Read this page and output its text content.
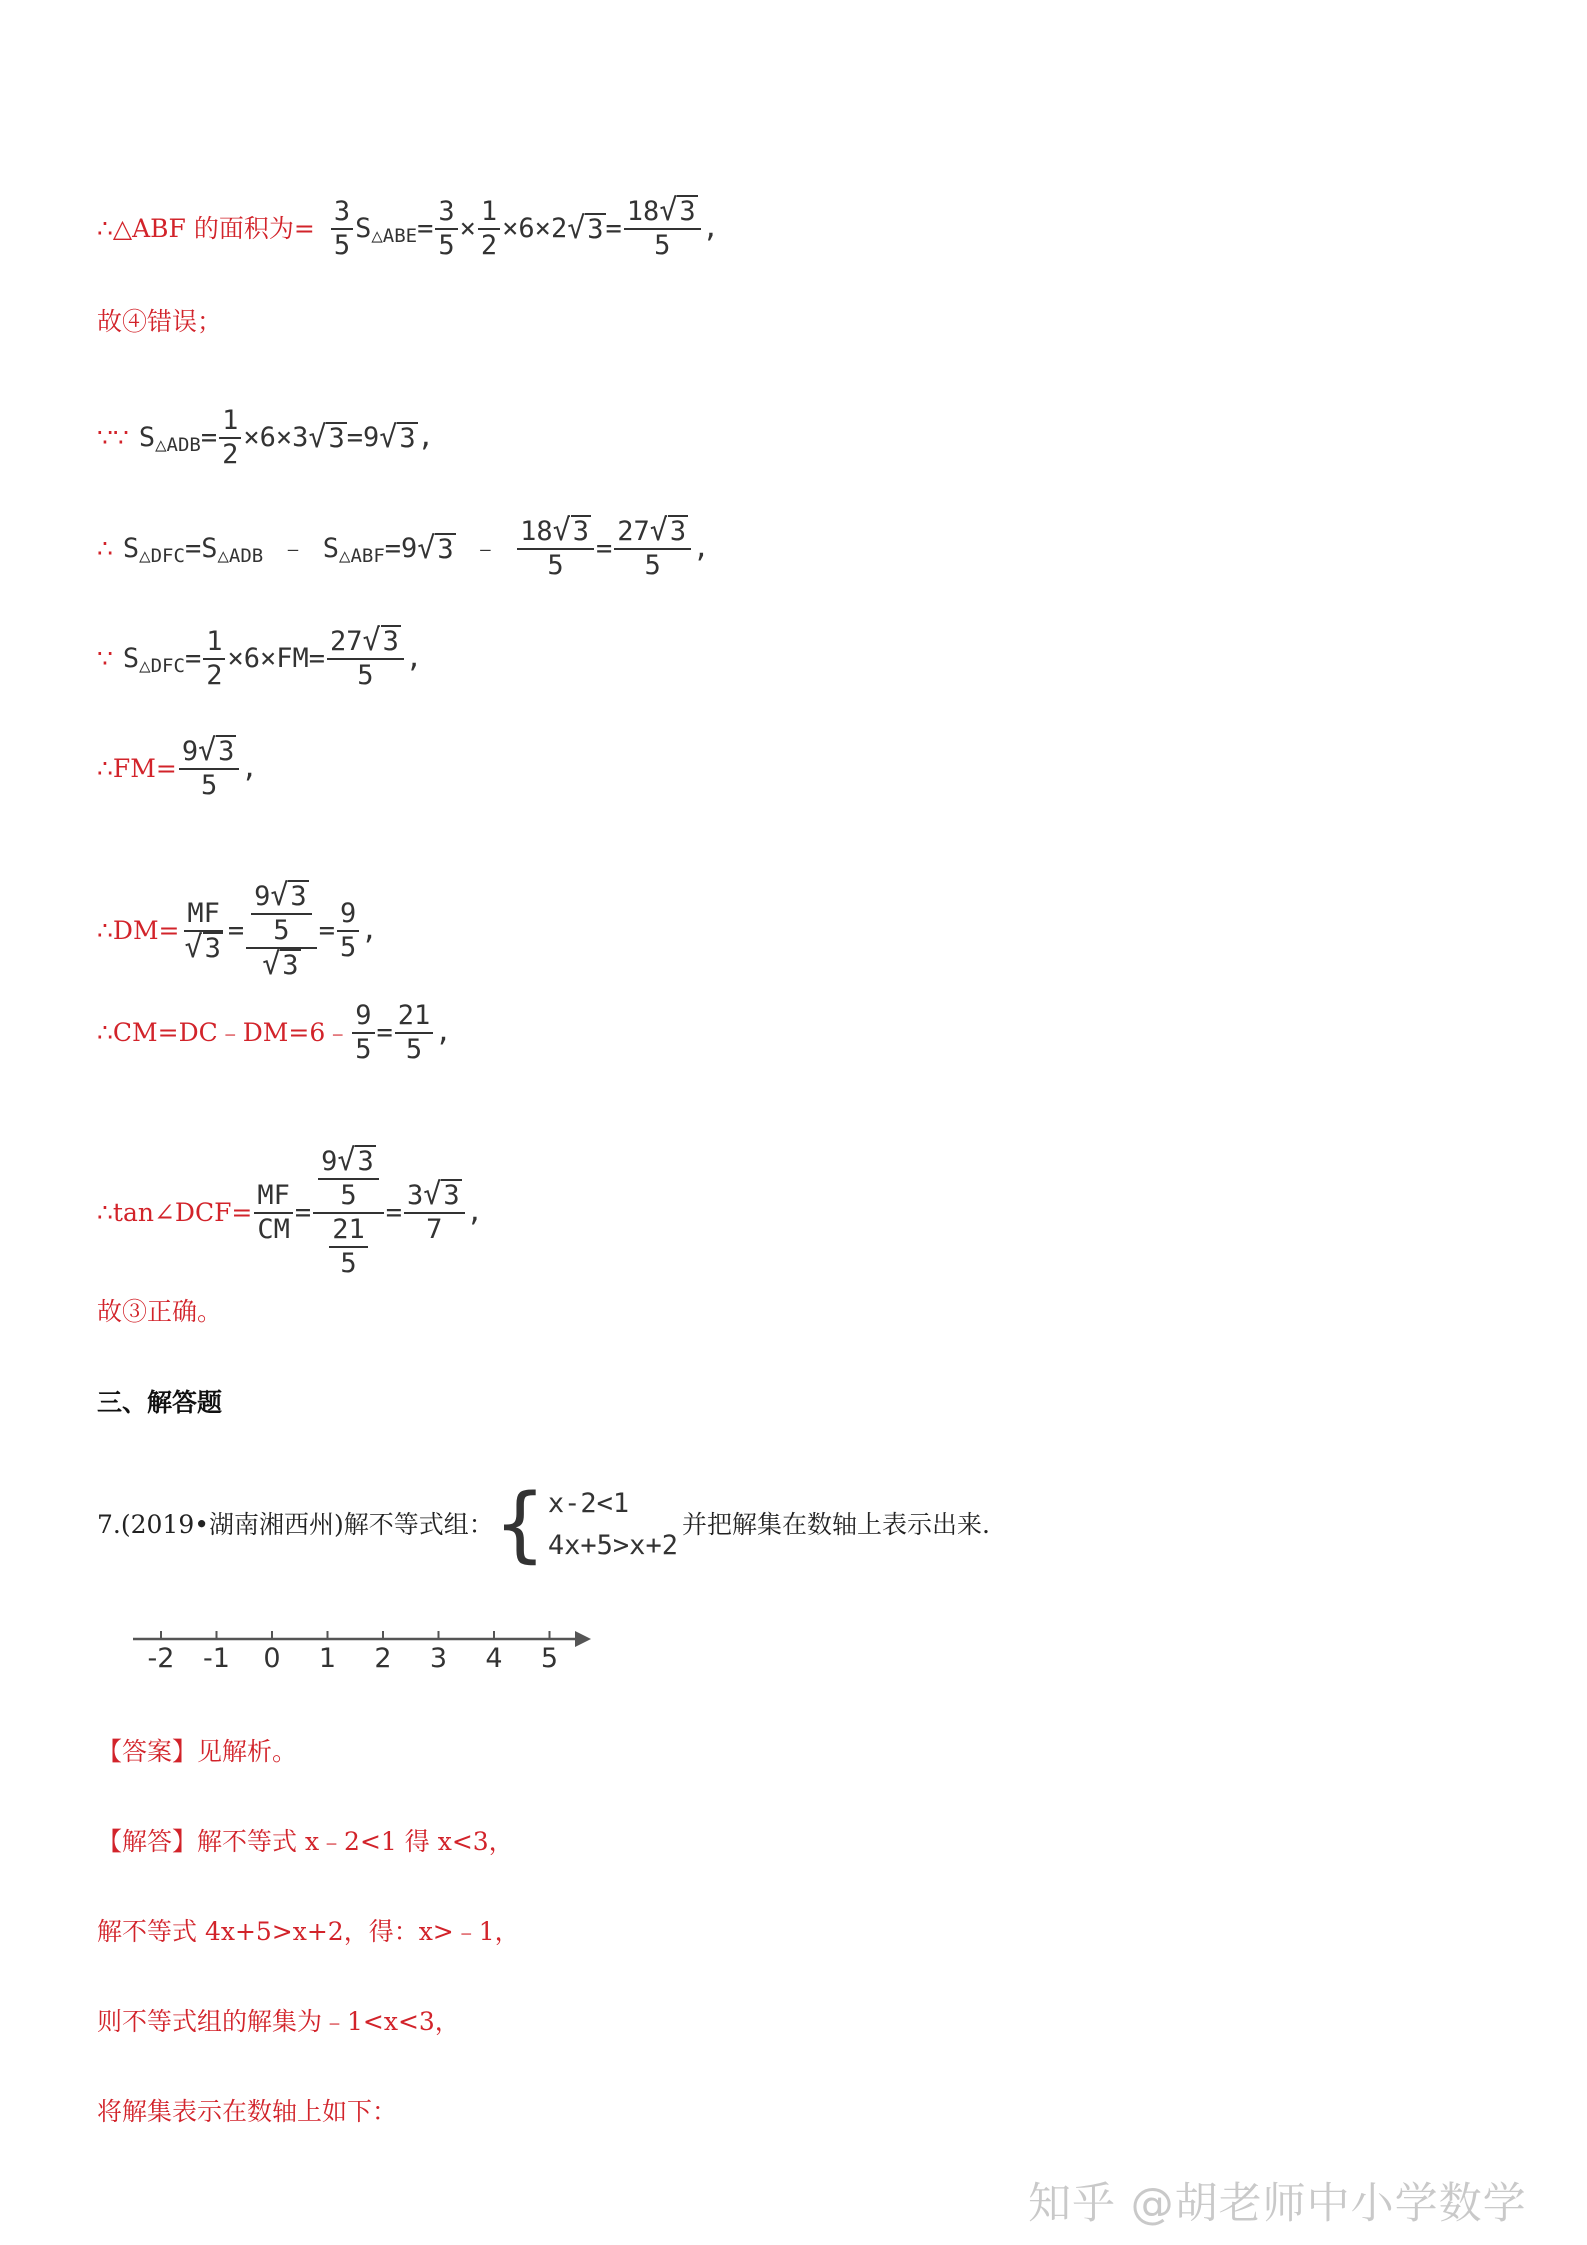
∴△ABF 的面积为=
3
5
S △ABE =
3
5
×
1
2
×6×2 √ 3 =
18 √ 3
5
,
故④错误；
∵∵ S △ADB =
1
2
×6×3 √ 3 =9 √ 3 ,
∴ S △DFC =S △ADB ﹣ S △ABF =9 √ 3 ﹣
18 √ 3
5
=
27 √ 3
5
,
∵ S △DFC =
1
2
×6×FM=
27 √ 3
5
,
∴FM=
9 √ 3
5
,
∴DM=
MF
√ 3
= $\frac{9 √ 3}{5}$
√ 3
=
9
5
,
∴CM=DC﹣DM=6﹣
9
5
=
21
5
,
∴tan∠DCF=
MF
CM
= $\frac{9 √ 3}{5}$
$\frac{21}{5}$
=
3 √ 3
7
,
故③正确。
三、解答题
7.(2019•湖南湘西州)解不等式组： { x-2<1
4x+5>x+2
并把解集在数轴上表示出来.
-2 -1 0 1 2 3 4 5
【答案】 见解析。
【解答】 解不等式 x﹣2<1 得 x<3，
解不等式 4x+5>x+2，得：x>﹣1，
则不等式组的解集为﹣1<x<3，
将解集表示在数轴上如下：
知乎 @胡老师中小学数学
